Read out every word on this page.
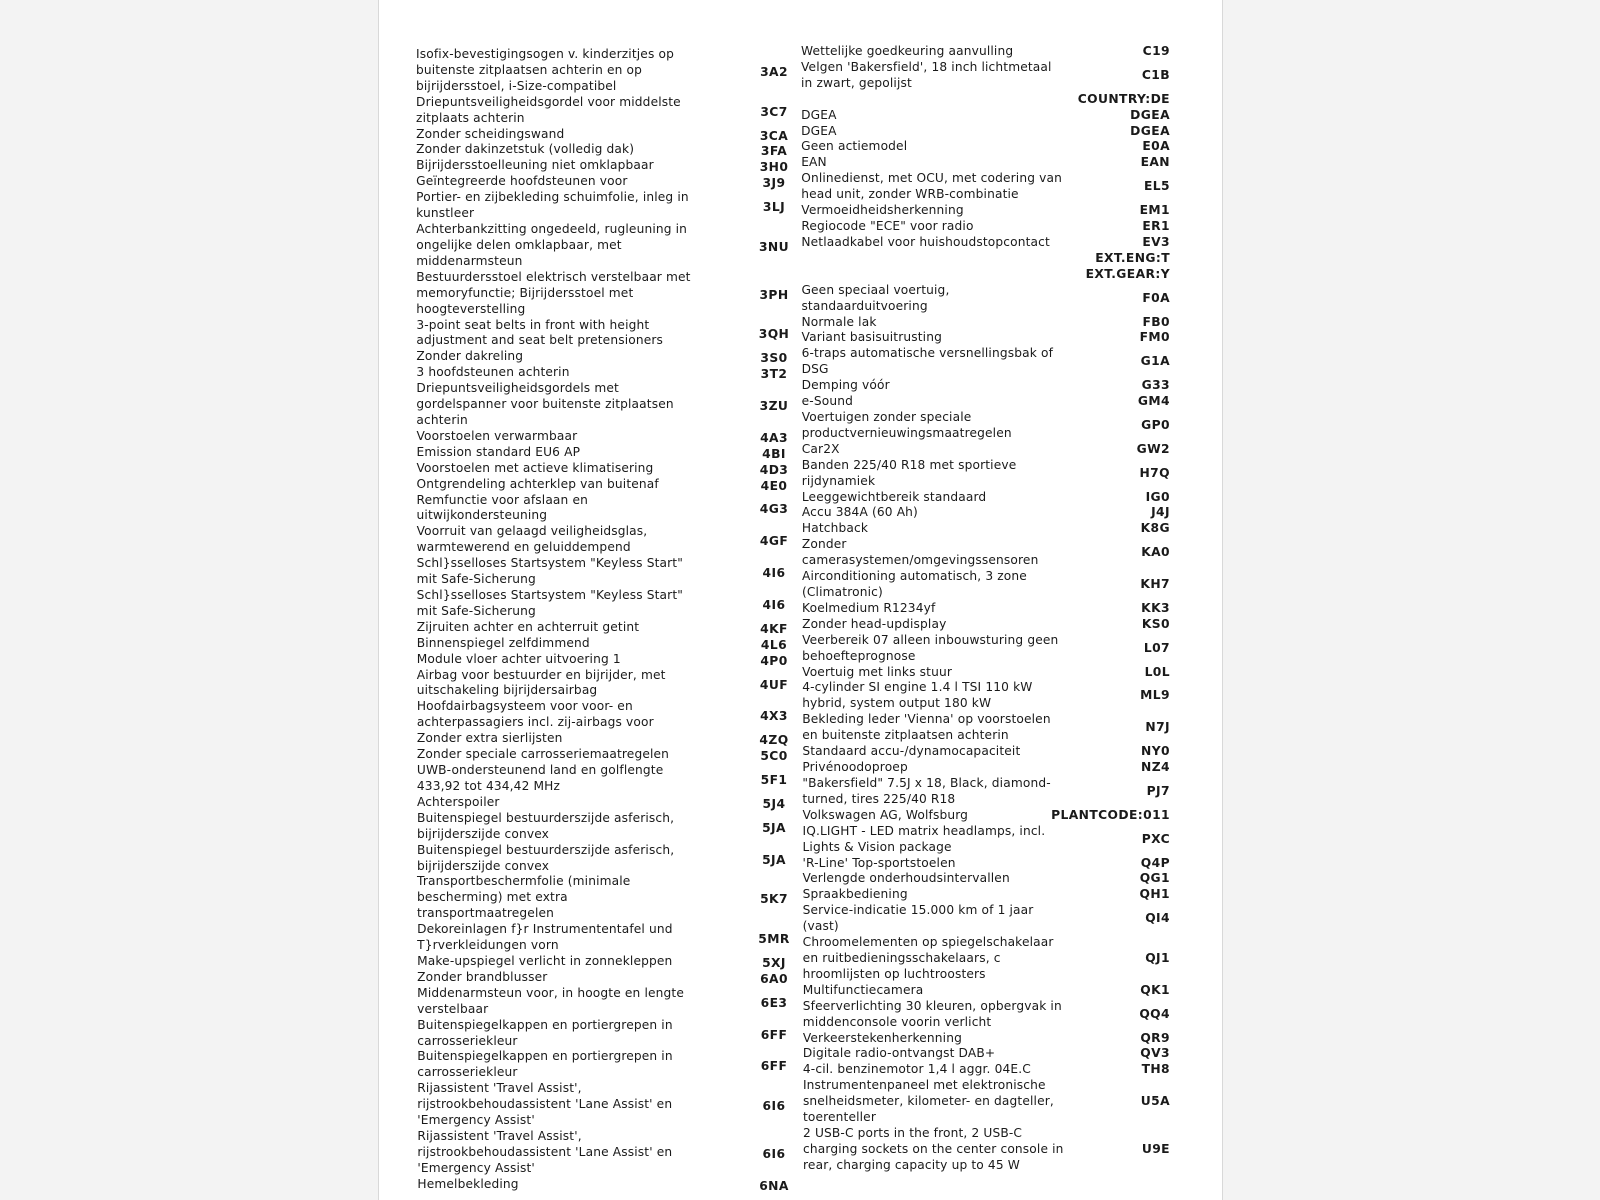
Isofix-bevestigingsogen v. kinderzitjes op
buitenste zitplaatsen achterin en op
bijrijdersstoel, i-Size-compatibel
3A2
Driepuntsveiligheidsgordel voor middelste
zitplaats achterin	3C7
Zonder scheidingswand	3CA
Zonder dakinzetstuk (volledig dak)	3FA
Bijrijdersstoelleuning niet omklapbaar	3H0
Geïntegreerde hoofdsteunen voor	3J9
Portier- en zijbekleding schuimfolie, inleg in
kunstleer	3LJ
Achterbankzitting ongedeeld, rugleuning in
ongelijke delen omklapbaar, met
middenarmsteun
3NU
Bestuurdersstoel elektrisch verstelbaar met
memoryfunctie; Bijrijdersstoel met
hoogteverstelling
3PH
3-point seat belts in front with height
adjustment and seat belt pretensioners	3QH
Zonder dakreling	3S0
3 hoofdsteunen achterin	3T2
Driepuntsveiligheidsgordels met
gordelspanner voor buitenste zitplaatsen
achterin
3ZU
Voorstoelen verwarmbaar	4A3
Emission standard EU6 AP	4BI
Voorstoelen met actieve klimatisering	4D3
Ontgrendeling achterklep van buitenaf	4E0
Remfunctie voor afslaan en
uitwijkondersteuning	4G3
Voorruit van gelaagd veiligheidsglas,
warmtewerend en geluiddempend	4GF
Schl}sselloses Startsystem "Keyless Start"
mit Safe-Sicherung	4I6
Schl}sselloses Startsystem "Keyless Start"
mit Safe-Sicherung	4I6
Zijruiten achter en achterruit getint	4KF
Binnenspiegel zelfdimmend	4L6
Module vloer achter uitvoering 1	4P0
Airbag voor bestuurder en bijrijder, met
uitschakeling bijrijdersairbag	4UF
Hoofdairbagsysteem voor voor- en
achterpassagiers incl. zij-airbags voor	4X3
Zonder extra sierlijsten	4ZQ
Zonder speciale carrosseriemaatregelen	5C0
UWB-ondersteunend land en golflengte
433,92 tot 434,42 MHz	5F1
Achterspoiler	5J4
Buitenspiegel bestuurderszijde asferisch,
bijrijderszijde convex	5JA
Buitenspiegel bestuurderszijde asferisch,
bijrijderszijde convex	5JA
Transportbeschermfolie (minimale
bescherming) met extra
transportmaatregelen
5K7
Dekoreinlagen f}r Instrumententafel und
T}rverkleidungen vorn	5MR
Make-upspiegel verlicht in zonnekleppen	5XJ
Zonder brandblusser	6A0
Middenarmsteun voor, in hoogte en lengte
verstelbaar	6E3
Buitenspiegelkappen en portiergrepen in
carrosseriekleur	6FF
Buitenspiegelkappen en portiergrepen in
carrosseriekleur	6FF
Rijassistent 'Travel Assist',
rijstrookbehoudassistent 'Lane Assist' en
'Emergency Assist'
6I6
Rijassistent 'Travel Assist',
rijstrookbehoudassistent 'Lane Assist' en
'Emergency Assist'
6I6
Hemelbekleding	6NA
Wettelijke goedkeuring aanvulling	C19
Velgen 'Bakersfield', 18 inch lichtmetaal
in zwart, gepolijst
C1B
COUNTRY:DE
DGEA	DGEA
DGEA	DGEA
Geen actiemodel	E0A
EAN	EAN
Onlinedienst, met OCU, met codering van
head unit, zonder WRB-combinatie
EL5
Vermoeidheidsherkenning	EM1
Regiocode "ECE" voor radio	ER1
Netlaadkabel voor huishoudstopcontact	EV3
EXT.ENG:T
EXT.GEAR:Y
Geen speciaal voertuig,
standaarduitvoering
F0A
Normale lak	FB0
Variant basisuitrusting	FM0
6-traps automatische versnellingsbak of
DSG
G1A
Demping vóór	G33
e-Sound	GM4
Voertuigen zonder speciale
productvernieuwingsmaatregelen
GP0
Car2X	GW2
Banden 225/40 R18 met sportieve
rijdynamiek
H7Q
Leeggewichtbereik standaard	IG0
Accu 384A (60 Ah)	J4J
Hatchback	K8G
Zonder
camerasystemen/omgevingssensoren
KA0
Airconditioning automatisch, 3 zone
(Climatronic)
KH7
Koelmedium R1234yf	KK3
Zonder head-updisplay	KS0
Veerbereik 07 alleen inbouwsturing geen
behoefteprognose
L07
Voertuig met links stuur	L0L
4-cylinder SI engine 1.4 l TSI 110 kW
hybrid, system output 180 kW
ML9
Bekleding leder 'Vienna' op voorstoelen
en buitenste zitplaatsen achterin
N7J
Standaard accu-/dynamocapaciteit	NY0
Privénoodoproep	NZ4
"Bakersfield" 7.5J x 18, Black, diamond-
turned, tires 225/40 R18
PJ7
Volkswagen AG, Wolfsburg	PLANTCODE:011
IQ.LIGHT - LED matrix headlamps, incl.
Lights & Vision package
PXC
'R-Line' Top-sportstoelen	Q4P
Verlengde onderhoudsintervallen	QG1
Spraakbediening	QH1
Service-indicatie 15.000 km of 1 jaar
(vast)
QI4
Chroomelementen op spiegelschakelaar
en ruitbedieningsschakelaars, c
hroomlijsten op luchtroosters
QJ1
Multifunctiecamera	QK1
Sfeerverlichting 30 kleuren, opbergvak in
middenconsole voorin verlicht
QQ4
Verkeerstekenherkenning	QR9
Digitale radio-ontvangst DAB+	QV3
4-cil. benzinemotor 1,4 l aggr. 04E.C	TH8
Instrumentenpaneel met elektronische
snelheidsmeter, kilometer- en dagteller,
toerenteller
U5A
2 USB-C ports in the front, 2 USB-C
charging sockets on the center console in
rear, charging capacity up to 45 W
U9E
